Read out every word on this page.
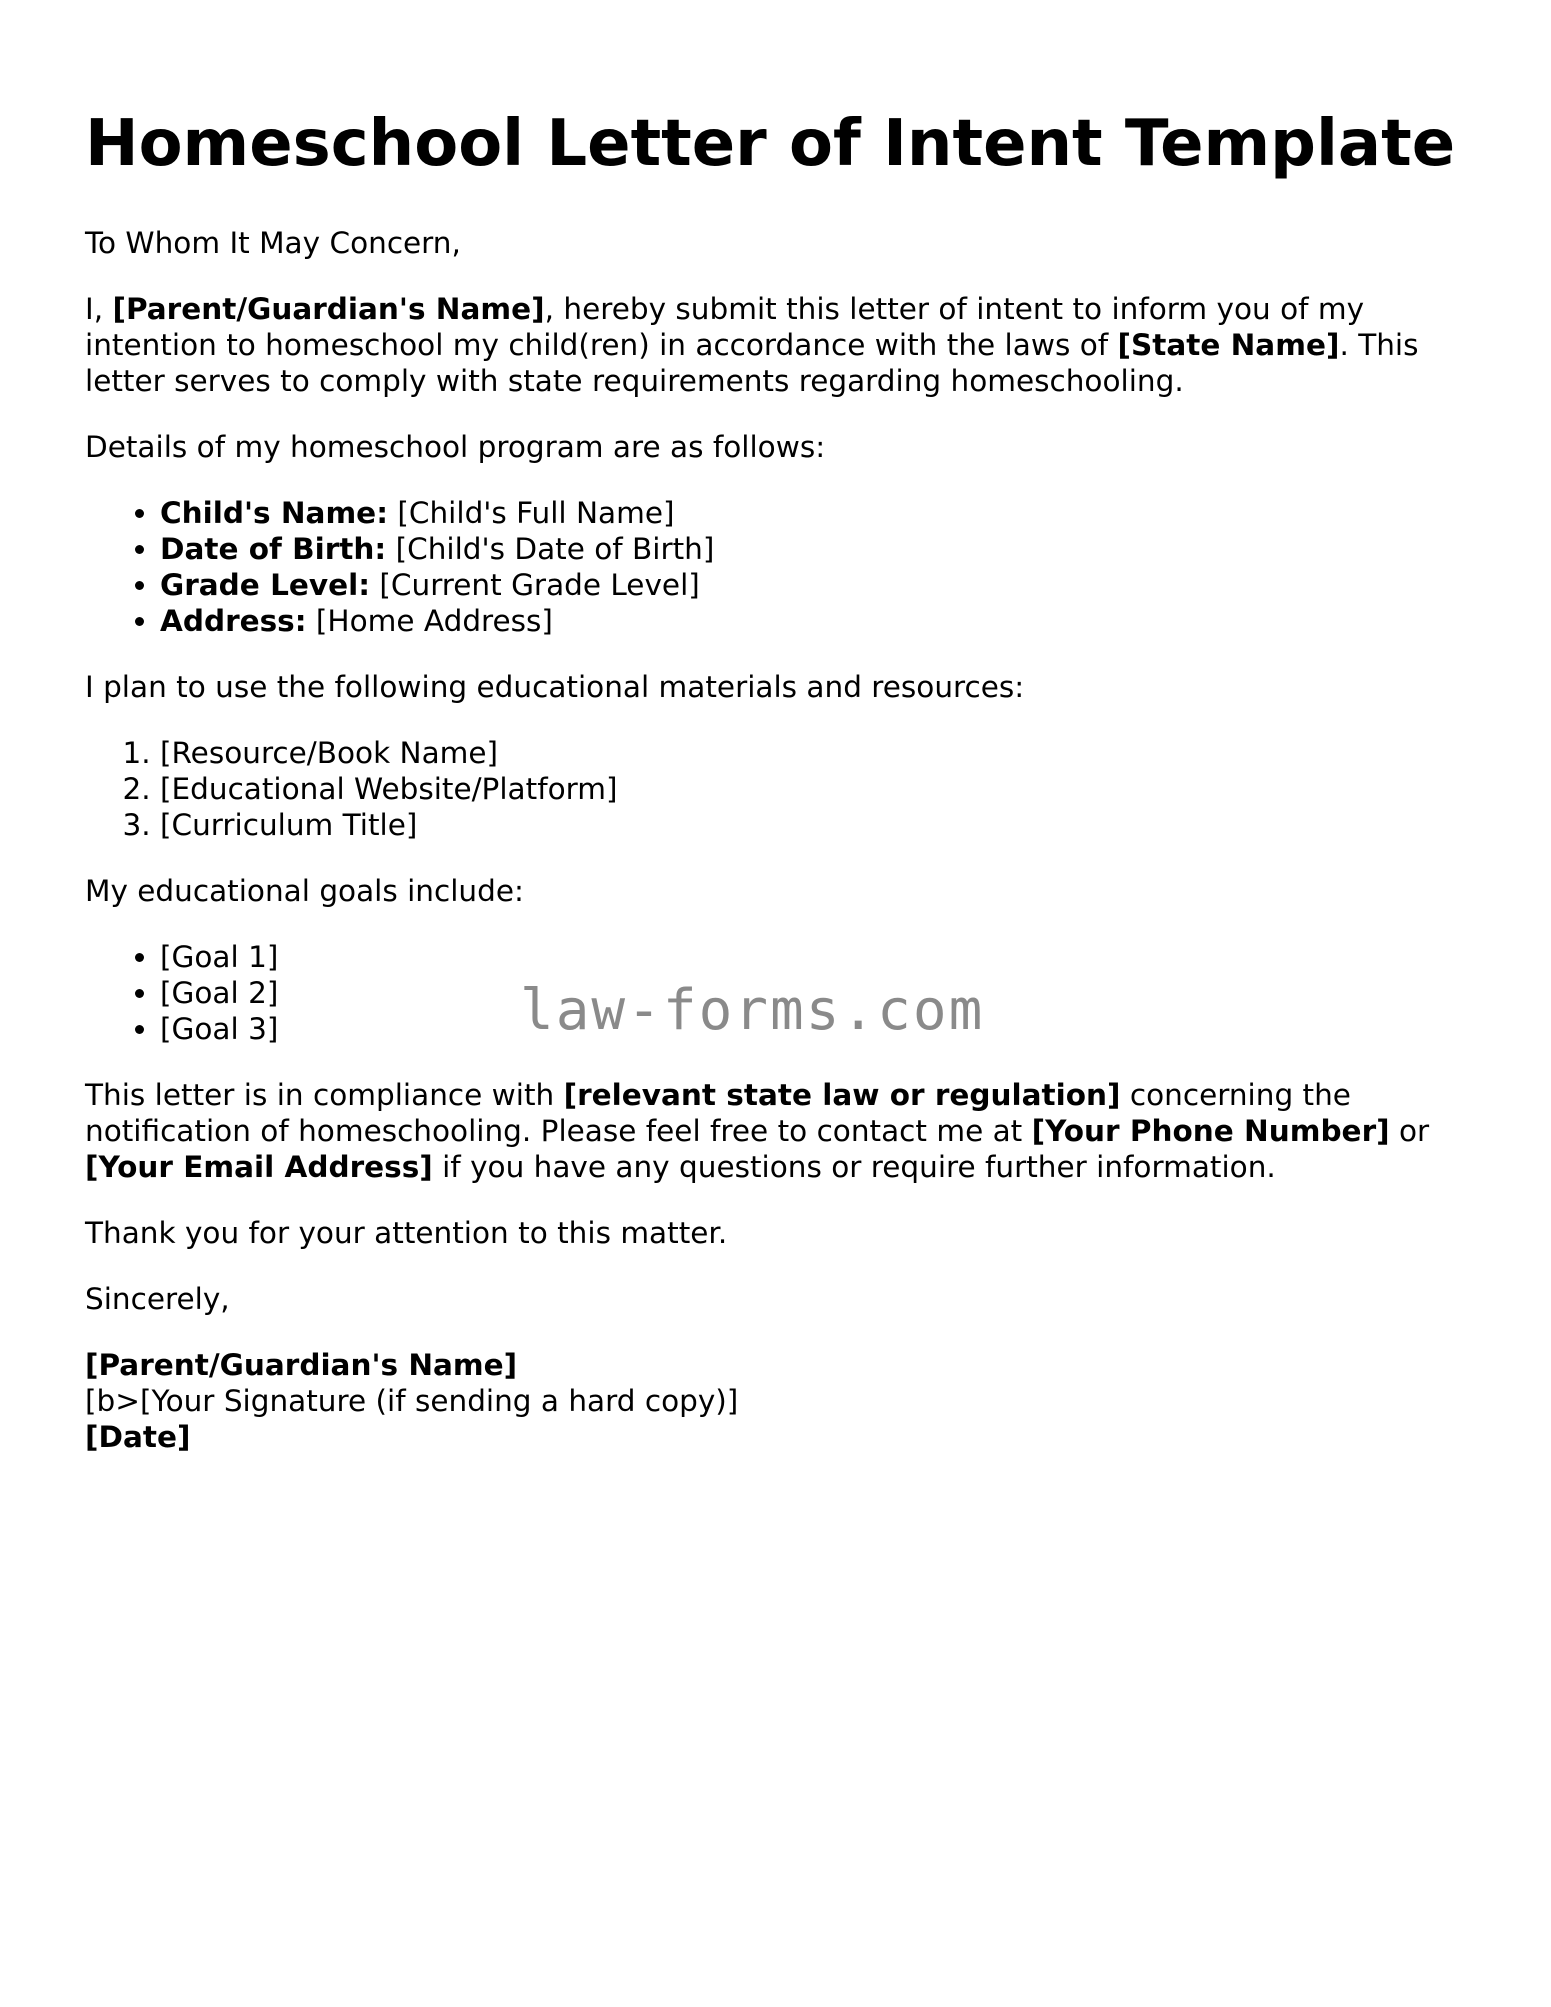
Homeschool Letter of Intent Template

To Whom It May Concern,

I, [Parent/Guardian's Name], hereby submit this letter of intent to inform you of my intention to homeschool my child(ren) in accordance with the laws of [State Name]. This letter serves to comply with state requirements regarding homeschooling.

Details of my homeschool program are as follows:

• Child's Name: [Child's Full Name]
• Date of Birth: [Child's Date of Birth]
• Grade Level: [Current Grade Level]
• Address: [Home Address]

I plan to use the following educational materials and resources:

1. [Resource/Book Name]
2. [Educational Website/Platform]
3. [Curriculum Title]

My educational goals include:

• [Goal 1]
• [Goal 2]
• [Goal 3]

This letter is in compliance with [relevant state law or regulation] concerning the notification of homeschooling. Please feel free to contact me at [Your Phone Number] or [Your Email Address] if you have any questions or require further information.

Thank you for your attention to this matter.

Sincerely,

[Parent/Guardian's Name]

[b>[Your Signature (if sending a hard copy)]

[Date]

law-forms.com
